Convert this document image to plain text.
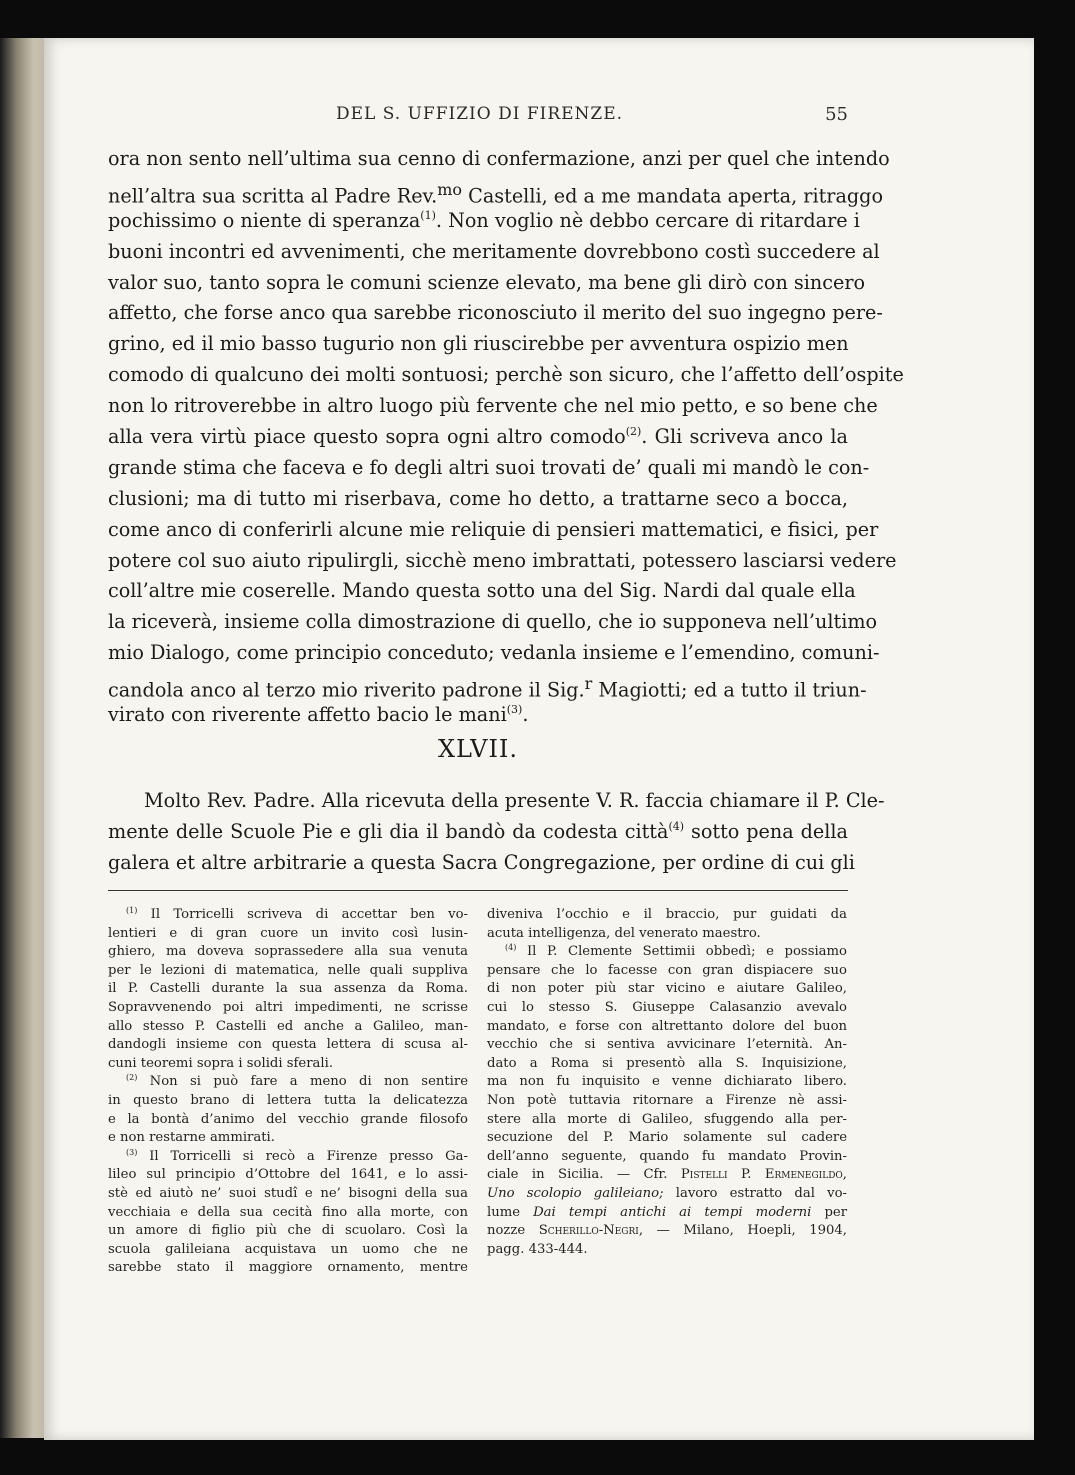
DEL S. UFFIZIO DI FIRENZE.	55
ora non sento nell’ultima sua cenno di confermazione, anzi per quel che intendo
nell’altra sua scritta al Padre Rev.$^{mo}$ Castelli, ed a me mandata aperta, ritraggo
pochissimo o niente di speranza$^{(1)}$. Non voglio nè debbo cercare di ritardare i
buoni incontri ed avvenimenti, che meritamente dovrebbono costì succedere al
valor suo, tanto sopra le comuni scienze elevato, ma bene gli dirò con sincero
affetto, che forse anco qua sarebbe riconosciuto il merito del suo ingegno pere-
grino, ed il mio basso tugurio non gli riuscirebbe per avventura ospizio men
comodo di qualcuno dei molti sontuosi; perchè son sicuro, che l’affetto dell’ospite
non lo ritroverebbe in altro luogo più fervente che nel mio petto, e so bene che
alla vera virtù piace questo sopra ogni altro comodo$^{(2)}$. Gli scriveva anco la
grande stima che faceva e fo degli altri suoi trovati de’ quali mi mandò le con-
clusioni; ma di tutto mi riserbava, come ho detto, a trattarne seco a bocca,
come anco di conferirli alcune mie reliquie di pensieri mattematici, e fisici, per
potere col suo aiuto ripulirgli, sicchè meno imbrattati, potessero lasciarsi vedere
coll’altre mie coserelle. Mando questa sotto una del Sig. Nardi dal quale ella
la riceverà, insieme colla dimostrazione di quello, che io supponeva nell’ultimo
mio Dialogo, come principio conceduto; vedanla insieme e l’emendino, comuni-
candola anco al terzo mio riverito padrone il Sig.$^r$ Magiotti; ed a tutto il triun-
virato con riverente affetto bacio le mani$^{(3)}$.
XLVII.
Molto Rev. Padre. Alla ricevuta della presente V. R. faccia chiamare il P. Cle-
mente delle Scuole Pie e gli dia il bandò da codesta città$^{(4)}$ sotto pena della
galera et altre arbitrarie a questa Sacra Congregazione, per ordine di cui gli
$^{(1)}$ Il Torricelli scriveva di accettar ben vo-
lentieri e di gran cuore un invito così lusin-
ghiero, ma doveva soprassedere alla sua venuta
per le lezioni di matematica, nelle quali suppliva
il P. Castelli durante la sua assenza da Roma.
Sopravvenendo poi altri impedimenti, ne scrisse
allo stesso P. Castelli ed anche a Galileo, man-
dandogli insieme con questa lettera di scusa al-
cuni teoremi sopra i solidi sferali.
$^{(2)}$ Non si può fare a meno di non sentire
in questo brano di lettera tutta la delicatezza
e la bontà d’animo del vecchio grande filosofo
e non restarne ammirati.
$^{(3)}$ Il Torricelli si recò a Firenze presso Ga-
lileo sul principio d’Ottobre del 1641, e lo assi-
stè ed aiutò ne’ suoi studî e ne’ bisogni della sua
vecchiaia e della sua cecità fino alla morte, con
un amore di figlio più che di scuolaro. Così la
scuola galileiana acquistava un uomo che ne
sarebbe stato il maggiore ornamento, mentre
diveniva l’occhio e il braccio, pur guidati da
acuta intelligenza, del venerato maestro.
$^{(4)}$ Il P. Clemente Settimii obbedì; e possiamo
pensare che lo facesse con gran dispiacere suo
di non poter più star vicino e aiutare Galileo,
cui lo stesso S. Giuseppe Calasanzio avevalo
mandato, e forse con altrettanto dolore del buon
vecchio che si sentiva avvicinare l’eternità. An-
dato a Roma si presentò alla S. Inquisizione,
ma non fu inquisito e venne dichiarato libero.
Non potè tuttavia ritornare a Firenze nè assi-
stere alla morte di Galileo, sfuggendo alla per-
secuzione del P. Mario solamente sul cadere
dell’anno seguente, quando fu mandato Provin-
ciale in Sicilia. — Cfr. Pistelli P. Ermenegildo,
Uno scolopio galileiano; lavoro estratto dal vo-
lume Dai tempi antichi ai tempi moderni per
nozze Scherillo-Negri, — Milano, Hoepli, 1904,
pagg. 433-444.
